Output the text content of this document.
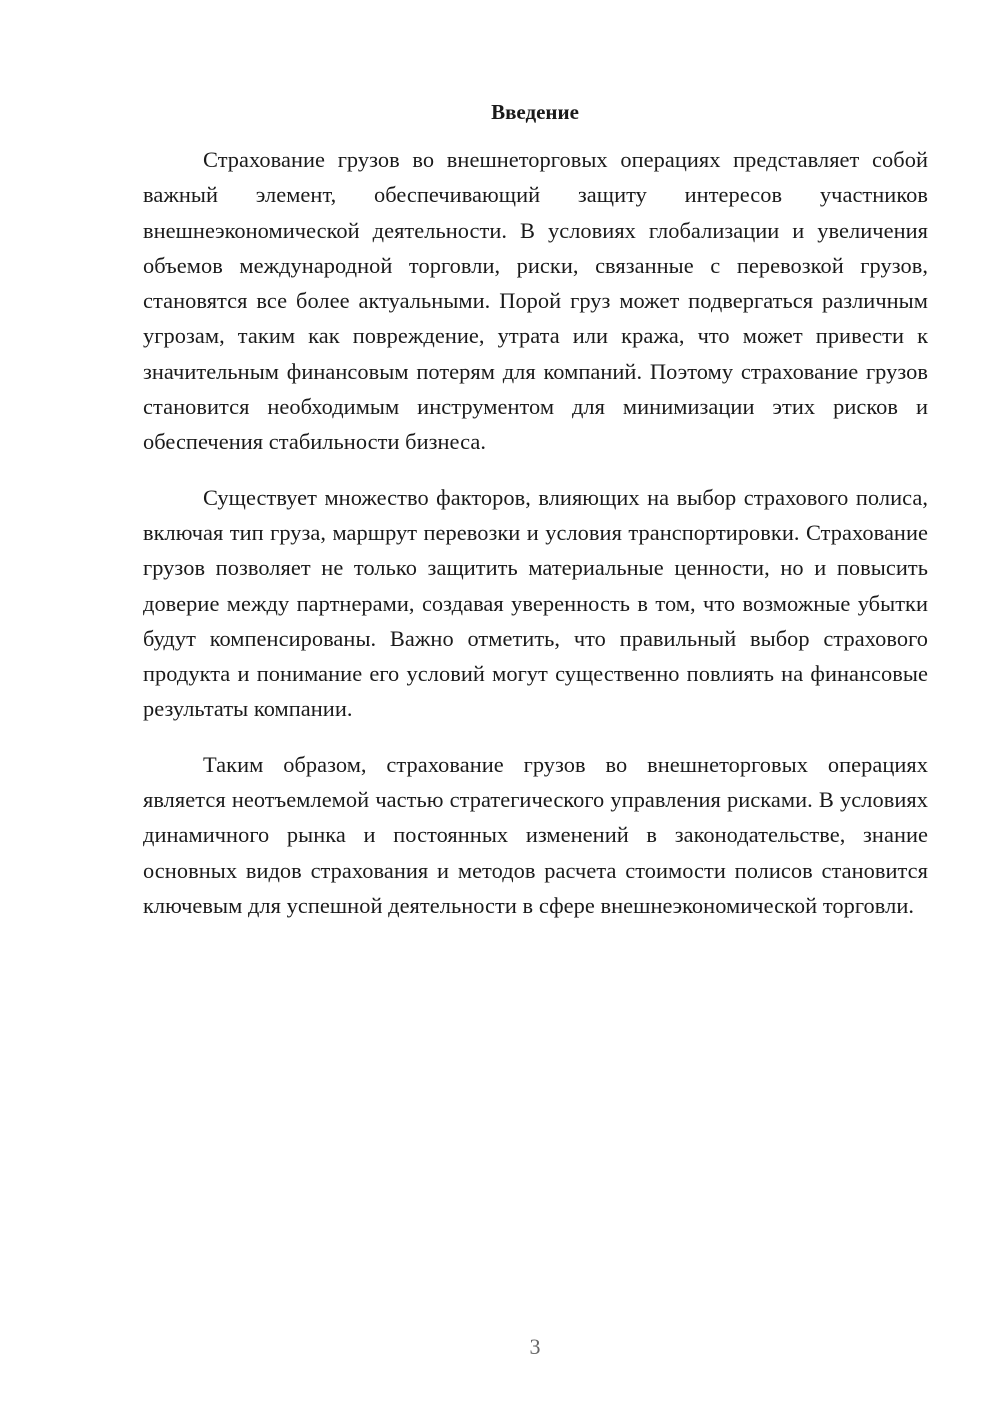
Введение

Страхование грузов во внешнеторговых операциях представляет собой важный элемент, обеспечивающий защиту интересов участников внешнеэкономической деятельности. В условиях глобализации и увеличения объемов международной торговли, риски, связанные с перевозкой грузов, становятся все более актуальными. Порой груз может подвергаться различным угрозам, таким как повреждение, утрата или кража, что может привести к значительным финансовым потерям для компаний. Поэтому страхование грузов становится необходимым инструментом для минимизации этих рисков и обеспечения стабильности бизнеса.

Существует множество факторов, влияющих на выбор страхового полиса, включая тип груза, маршрут перевозки и условия транспортировки. Страхование грузов позволяет не только защитить материальные ценности, но и повысить доверие между партнерами, создавая уверенность в том, что возможные убытки будут компенсированы. Важно отметить, что правильный выбор страхового продукта и понимание его условий могут существенно повлиять на финансовые результаты компании.

Таким образом, страхование грузов во внешнеторговых операциях является неотъемлемой частью стратегического управления рисками. В условиях динамичного рынка и постоянных изменений в законодательстве, знание основных видов страхования и методов расчета стоимости полисов становится ключевым для успешной деятельности в сфере внешнеэкономической торговли.

3
